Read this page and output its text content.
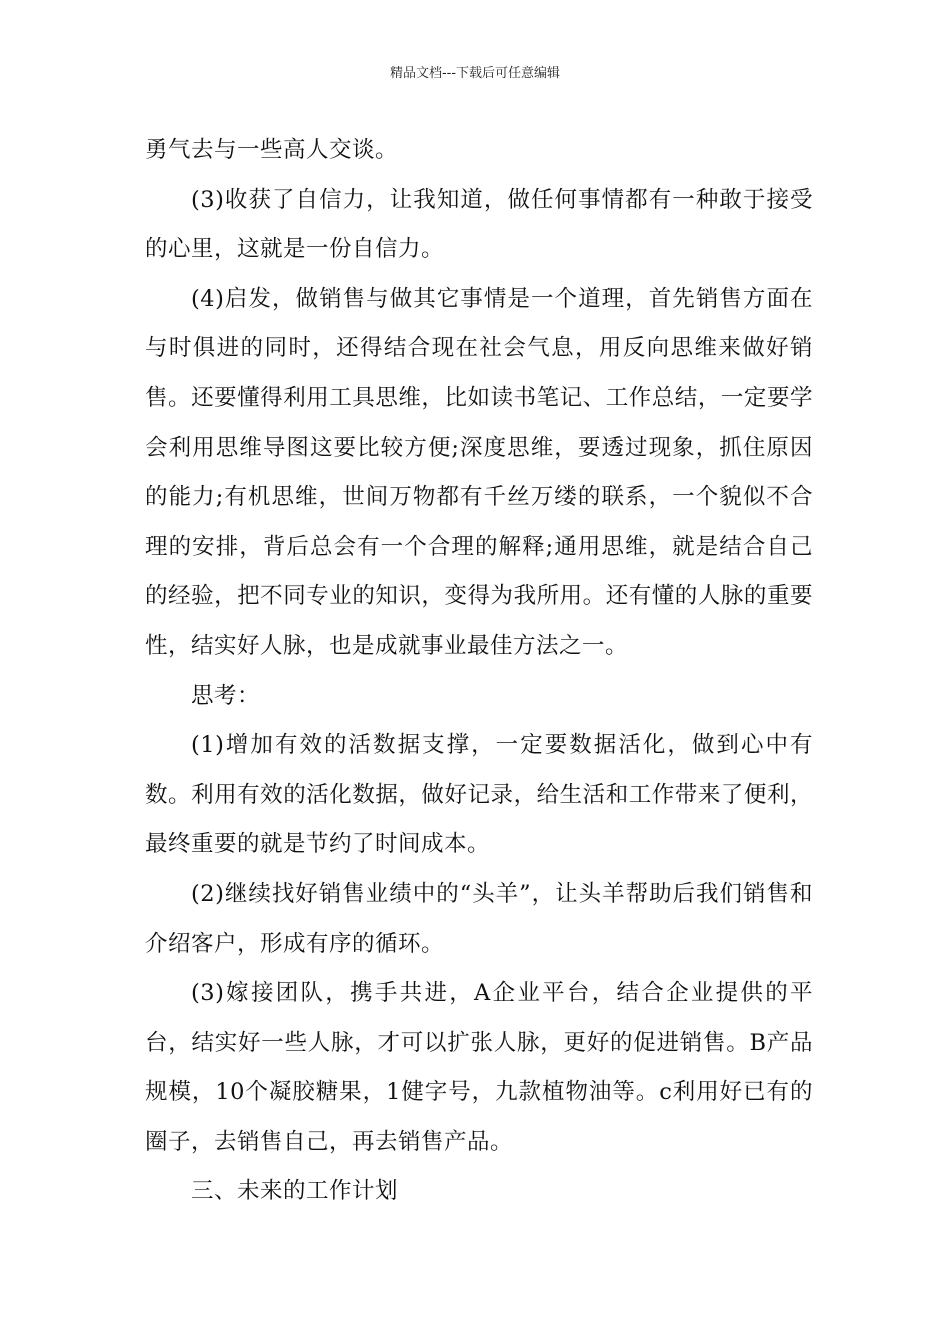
精品文档---下载后可任意编辑

勇气去与一些高人交谈。

(3)收获了自信力，让我知道，做任何事情都有一种敢于接受的心里，这就是一份自信力。

(4)启发，做销售与做其它事情是一个道理，首先销售方面在与时俱进的同时，还得结合现在社会气息，用反向思维来做好销售。还要懂得利用工具思维，比如读书笔记、工作总结，一定要学会利用思维导图这要比较方便;深度思维，要透过现象，抓住原因的能力;有机思维，世间万物都有千丝万缕的联系，一个貌似不合理的安排，背后总会有一个合理的解释;通用思维，就是结合自己的经验，把不同专业的知识，变得为我所用。还有懂的人脉的重要性，结实好人脉，也是成就事业最佳方法之一。

思考：

(1)增加有效的活数据支撑，一定要数据活化，做到心中有数。利用有效的活化数据，做好记录，给生活和工作带来了便利，最终重要的就是节约了时间成本。

(2)继续找好销售业绩中的“头羊”，让头羊帮助后我们销售和介绍客户，形成有序的循环。

(3)嫁接团队，携手共进，A企业平台，结合企业提供的平台，结实好一些人脉，才可以扩张人脉，更好的促进销售。B产品规模，10个凝胶糖果，1健字号，九款植物油等。c利用好已有的圈子，去销售自己，再去销售产品。

三、未来的工作计划
